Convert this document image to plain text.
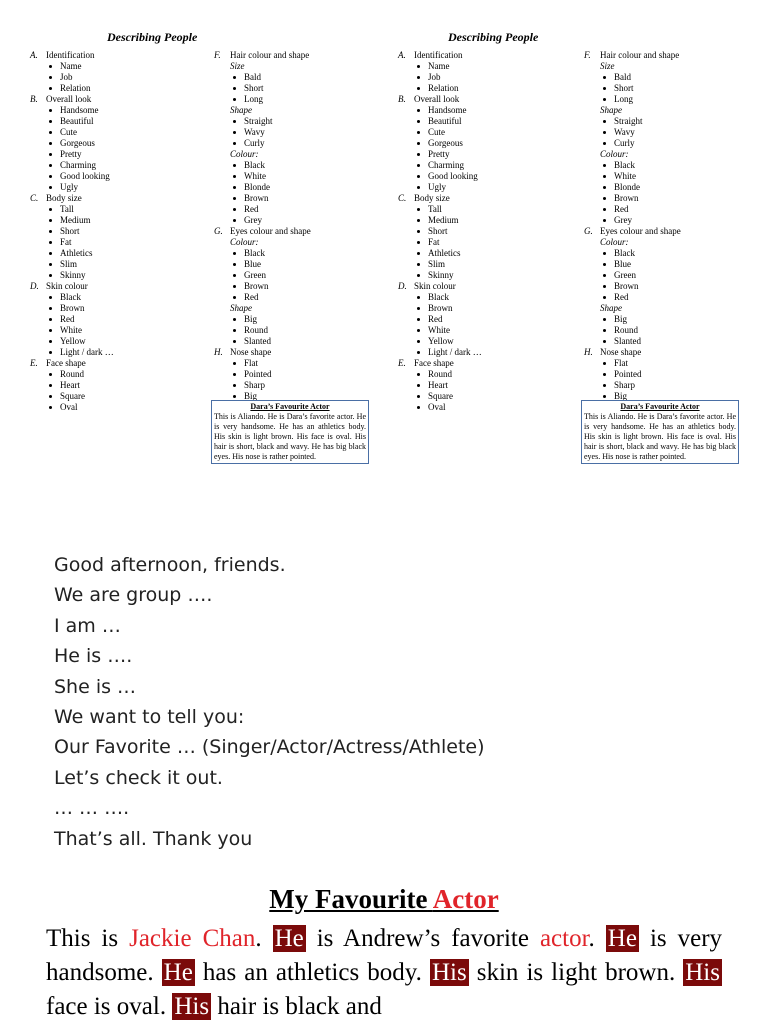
Describing People
A. Identification
Name
Job
Relation
B. Overall look
Handsome
Beautiful
Cute
Gorgeous
Pretty
Charming
Good looking
Ugly
C. Body size
Tall
Medium
Short
Fat
Athletics
Slim
Skinny
D. Skin colour
Black
Brown
Red
White
Yellow
Light / dark …
E. Face shape
Round
Heart
Square
Oval
F.	Hair colour and shape
Size
Bald
Short
Long
Shape
Straight
Wavy
Curly
Colour:
Black
White
Blonde
Brown
Red
Grey
G. Eyes colour and shape
Colour:
Black
Blue
Green
Brown
Red
Shape
Big
Round
Slanted
H. Nose shape
Flat
Pointed
Sharp
Big
Dara’s Favourite Actor
This is Aliando. He is Dara’s favorite actor. He is very handsome. He has an athletics body. His skin is light brown. His face is oval. His hair is short, black and wavy. He has big black eyes. His nose is rather pointed.
Describing People
A. Identification
Name
Job
Relation
B. Overall look
Handsome
Beautiful
Cute
Gorgeous
Pretty
Charming
Good looking
Ugly
C. Body size
Tall
Medium
Short
Fat
Athletics
Slim
Skinny
D. Skin colour
Black
Brown
Red
White
Yellow
Light / dark …
E. Face shape
Round
Heart
Square
Oval
F.	Hair colour and shape
Size
Bald
Short
Long
Shape
Straight
Wavy
Curly
Colour:
Black
White
Blonde
Brown
Red
Grey
G. Eyes colour and shape
Colour:
Black
Blue
Green
Brown
Red
Shape
Big
Round
Slanted
H. Nose shape
Flat
Pointed
Sharp
Big
Dara’s Favourite Actor
This is Aliando. He is Dara’s favorite actor. He is very handsome. He has an athletics body. His skin is light brown. His face is oval. His hair is short, black and wavy. He has big black eyes. His nose is rather pointed.
Good afternoon, friends.
We are group ….
I am …
He is ….
She is …
We want to tell you:
Our Favorite … (Singer/Actor/Actress/Athlete)
Let’s check it out.
… … ….
That’s all. Thank you
My Favourite Actor
This is Jackie Chan. He is Andrew’s favorite actor. He is very handsome. He has an athletics body. His skin is light brown. His face is oval. His hair is black and
